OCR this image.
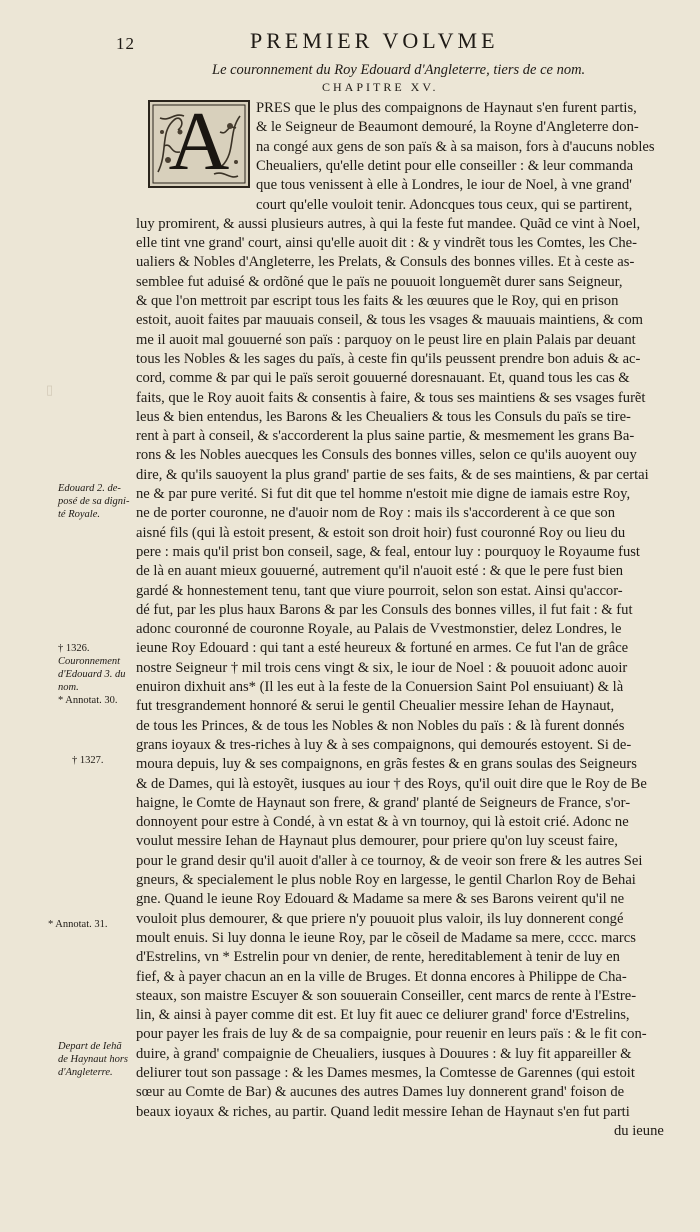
12	PREMIER VOLVME
Le couronnement du Roy Edouard d'Angleterre, tiers de ce nom.
CHAPITRE XV.
A	PRES que le plus des compaignons de Haynaut s'en furent partis,
& le Seigneur de Beaumont demouré, la Royne d'Angleterre don-
na congé aux gens de son païs & à sa maison, fors à d'aucuns nobles
Cheualiers, qu'elle detint pour elle conseiller : & leur commanda
que tous venissent à elle à Londres, le iour de Noel, à vne grand'
court qu'elle vouloit tenir. Adoncques tous ceux, qui se partirent,
luy promirent, & aussi plusieurs autres, à qui la feste fut mandee. Quãd ce vint à Noel,
elle tint vne grand' court, ainsi qu'elle auoit dit : & y vindrẽt tous les Comtes, les Che-
ualiers & Nobles d'Angleterre, les Prelats, & Consuls des bonnes villes. Et à ceste as-
semblee fut aduisé & ordõné que le païs ne pouuoit longuemẽt durer sans Seigneur,
& que l'on mettroit par escript tous les faits & les œuures que le Roy, qui en prison
estoit, auoit faites par mauuais conseil, & tous les vsages & mauuais maintiens, & com
me il auoit mal gouuerné son païs : parquoy on le peust lire en plain Palais par deuant
tous les Nobles & les sages du païs, à ceste fin qu'ils peussent prendre bon aduis & ac-
cord, comme & par qui le païs seroit gouuerné doresnauant. Et, quand tous les cas &
faits, que le Roy auoit faits & consentis à faire, & tous ses maintiens & ses vsages furẽt
leus & bien entendus, les Barons & les Cheualiers & tous les Consuls du païs se tire-
rent à part à conseil, & s'accorderent la plus saine partie, & mesmement les grans Ba-
rons & les Nobles auecques les Consuls des bonnes villes, selon ce qu'ils auoyent ouy
dire, & qu'ils sauoyent la plus grand' partie de ses faits, & de ses maintiens, & par certai
ne & par pure verité. Si fut dit que tel homme n'estoit mie digne de iamais estre Roy,
ne de porter couronne, ne d'auoir nom de Roy : mais ils s'accorderent à ce que son
aisné fils (qui là estoit present, & estoit son droit hoir) fust couronné Roy ou lieu du
pere : mais qu'il prist bon conseil, sage, & feal, entour luy : pourquoy le Royaume fust
de là en auant mieux gouuerné, autrement qu'il n'auoit esté : & que le pere fust bien
gardé & honnestement tenu, tant que viure pourroit, selon son estat. Ainsi qu'accor-
dé fut, par les plus haux Barons & par les Consuls des bonnes villes, il fut fait : & fut
adonc couronné de couronne Royale, au Palais de Vvestmonstier, delez Londres, le
ieune Roy Edouard : qui tant a esté heureux & fortuné en armes. Ce fut l'an de grâce
nostre Seigneur † mil trois cens vingt & six, le iour de Noel : & pouuoit adonc auoir
enuiron dixhuit ans* (Il les eut à la feste de la Conuersion Saint Pol ensuiuant) & là
fut tresgrandement honnoré & serui le gentil Cheualier messire Iehan de Haynaut,
de tous les Princes, & de tous les Nobles & non Nobles du païs : & là furent donnés
grans ioyaux & tres-riches à luy & à ses compaignons, qui demourés estoyent. Si de-
moura depuis, luy & ses compaignons, en grãs festes & en grans soulas des Seigneurs
& de Dames, qui là estoyẽt, iusques au iour † des Roys, qu'il ouit dire que le Roy de Be
haigne, le Comte de Haynaut son frere, & grand' planté de Seigneurs de France, s'or-
donnoyent pour estre à Condé, à vn estat & à vn tournoy, qui là estoit crié. Adonc ne
voulut messire Iehan de Haynaut plus demourer, pour priere qu'on luy sceust faire,
pour le grand desir qu'il auoit d'aller à ce tournoy, & de veoir son frere & les autres Sei
gneurs, & specialement le plus noble Roy en largesse, le gentil Charlon Roy de Behai
gne. Quand le ieune Roy Edouard & Madame sa mere & ses Barons veirent qu'il ne
vouloit plus demourer, & que priere n'y pouuoit plus valoir, ils luy donnerent congé
moult enuis. Si luy donna le ieune Roy, par le cõseil de Madame sa mere, cccc. marcs
d'Estrelins, vn * Estrelin pour vn denier, de rente, hereditablement à tenir de luy en
fief, & à payer chacun an en la ville de Bruges. Et donna encores à Philippe de Cha-
steaux, son maistre Escuyer & son souuerain Conseiller, cent marcs de rente à l'Estre-
lin, & ainsi à payer comme dit est. Et luy fit auec ce deliurer grand' force d'Estrelins,
pour payer les frais de luy & de sa compaignie, pour reuenir en leurs païs : & le fit con-
duire, à grand' compaignie de Cheualiers, iusques à Douures : & luy fit appareiller &
deliurer tout son passage : & les Dames mesmes, la Comtesse de Garennes (qui estoit
sœur au Comte de Bar) & aucunes des autres Dames luy donnerent grand' foison de
beaux ioyaux & riches, au partir. Quand ledit messire Iehan de Haynaut s'en fut parti
du ieune
Edouard 2. de-
posé de sa digni-
té Royale.
† 1326.
Couronnement
d'Edouard 3. du
nom.
* Annotat. 30.
† 1327.
* Annotat. 31.
Depart de Iehã
de Haynaut hors
d'Angleterre.
▯
